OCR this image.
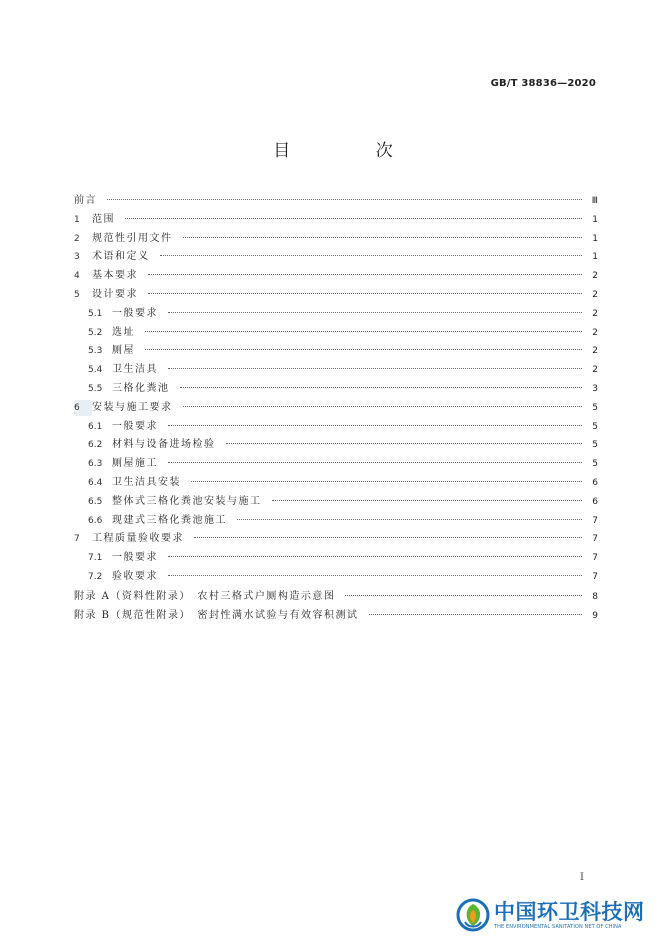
GB/T 38836—2020
目 次
前言	Ⅲ
1	范围	1
2	规范性引用文件	1
3	术语和定义	1
4	基本要求	2
5	设计要求	2
5.1 一般要求	2
5.2 选址	2
5.3 厕屋	2
5.4 卫生洁具	2
5.5 三格化粪池	3
6	安装与施工要求	5
6.1 一般要求	5
6.2 材料与设备进场检验	5
6.3 厕屋施工	5
6.4 卫生洁具安装	6
6.5 整体式三格化粪池安装与施工	6
6.6 现建式三格化粪池施工	7
7	工程质量验收要求	7
7.1 一般要求	7
7.2 验收要求	7
附录 A（资料性附录）　农村三格式户厕构造示意图	8
附录 B（规范性附录）　密封性满水试验与有效容积测试	9
I
中国环卫科技网
THE ENVIRONMENTAL SANITATION NET OF CHINA
